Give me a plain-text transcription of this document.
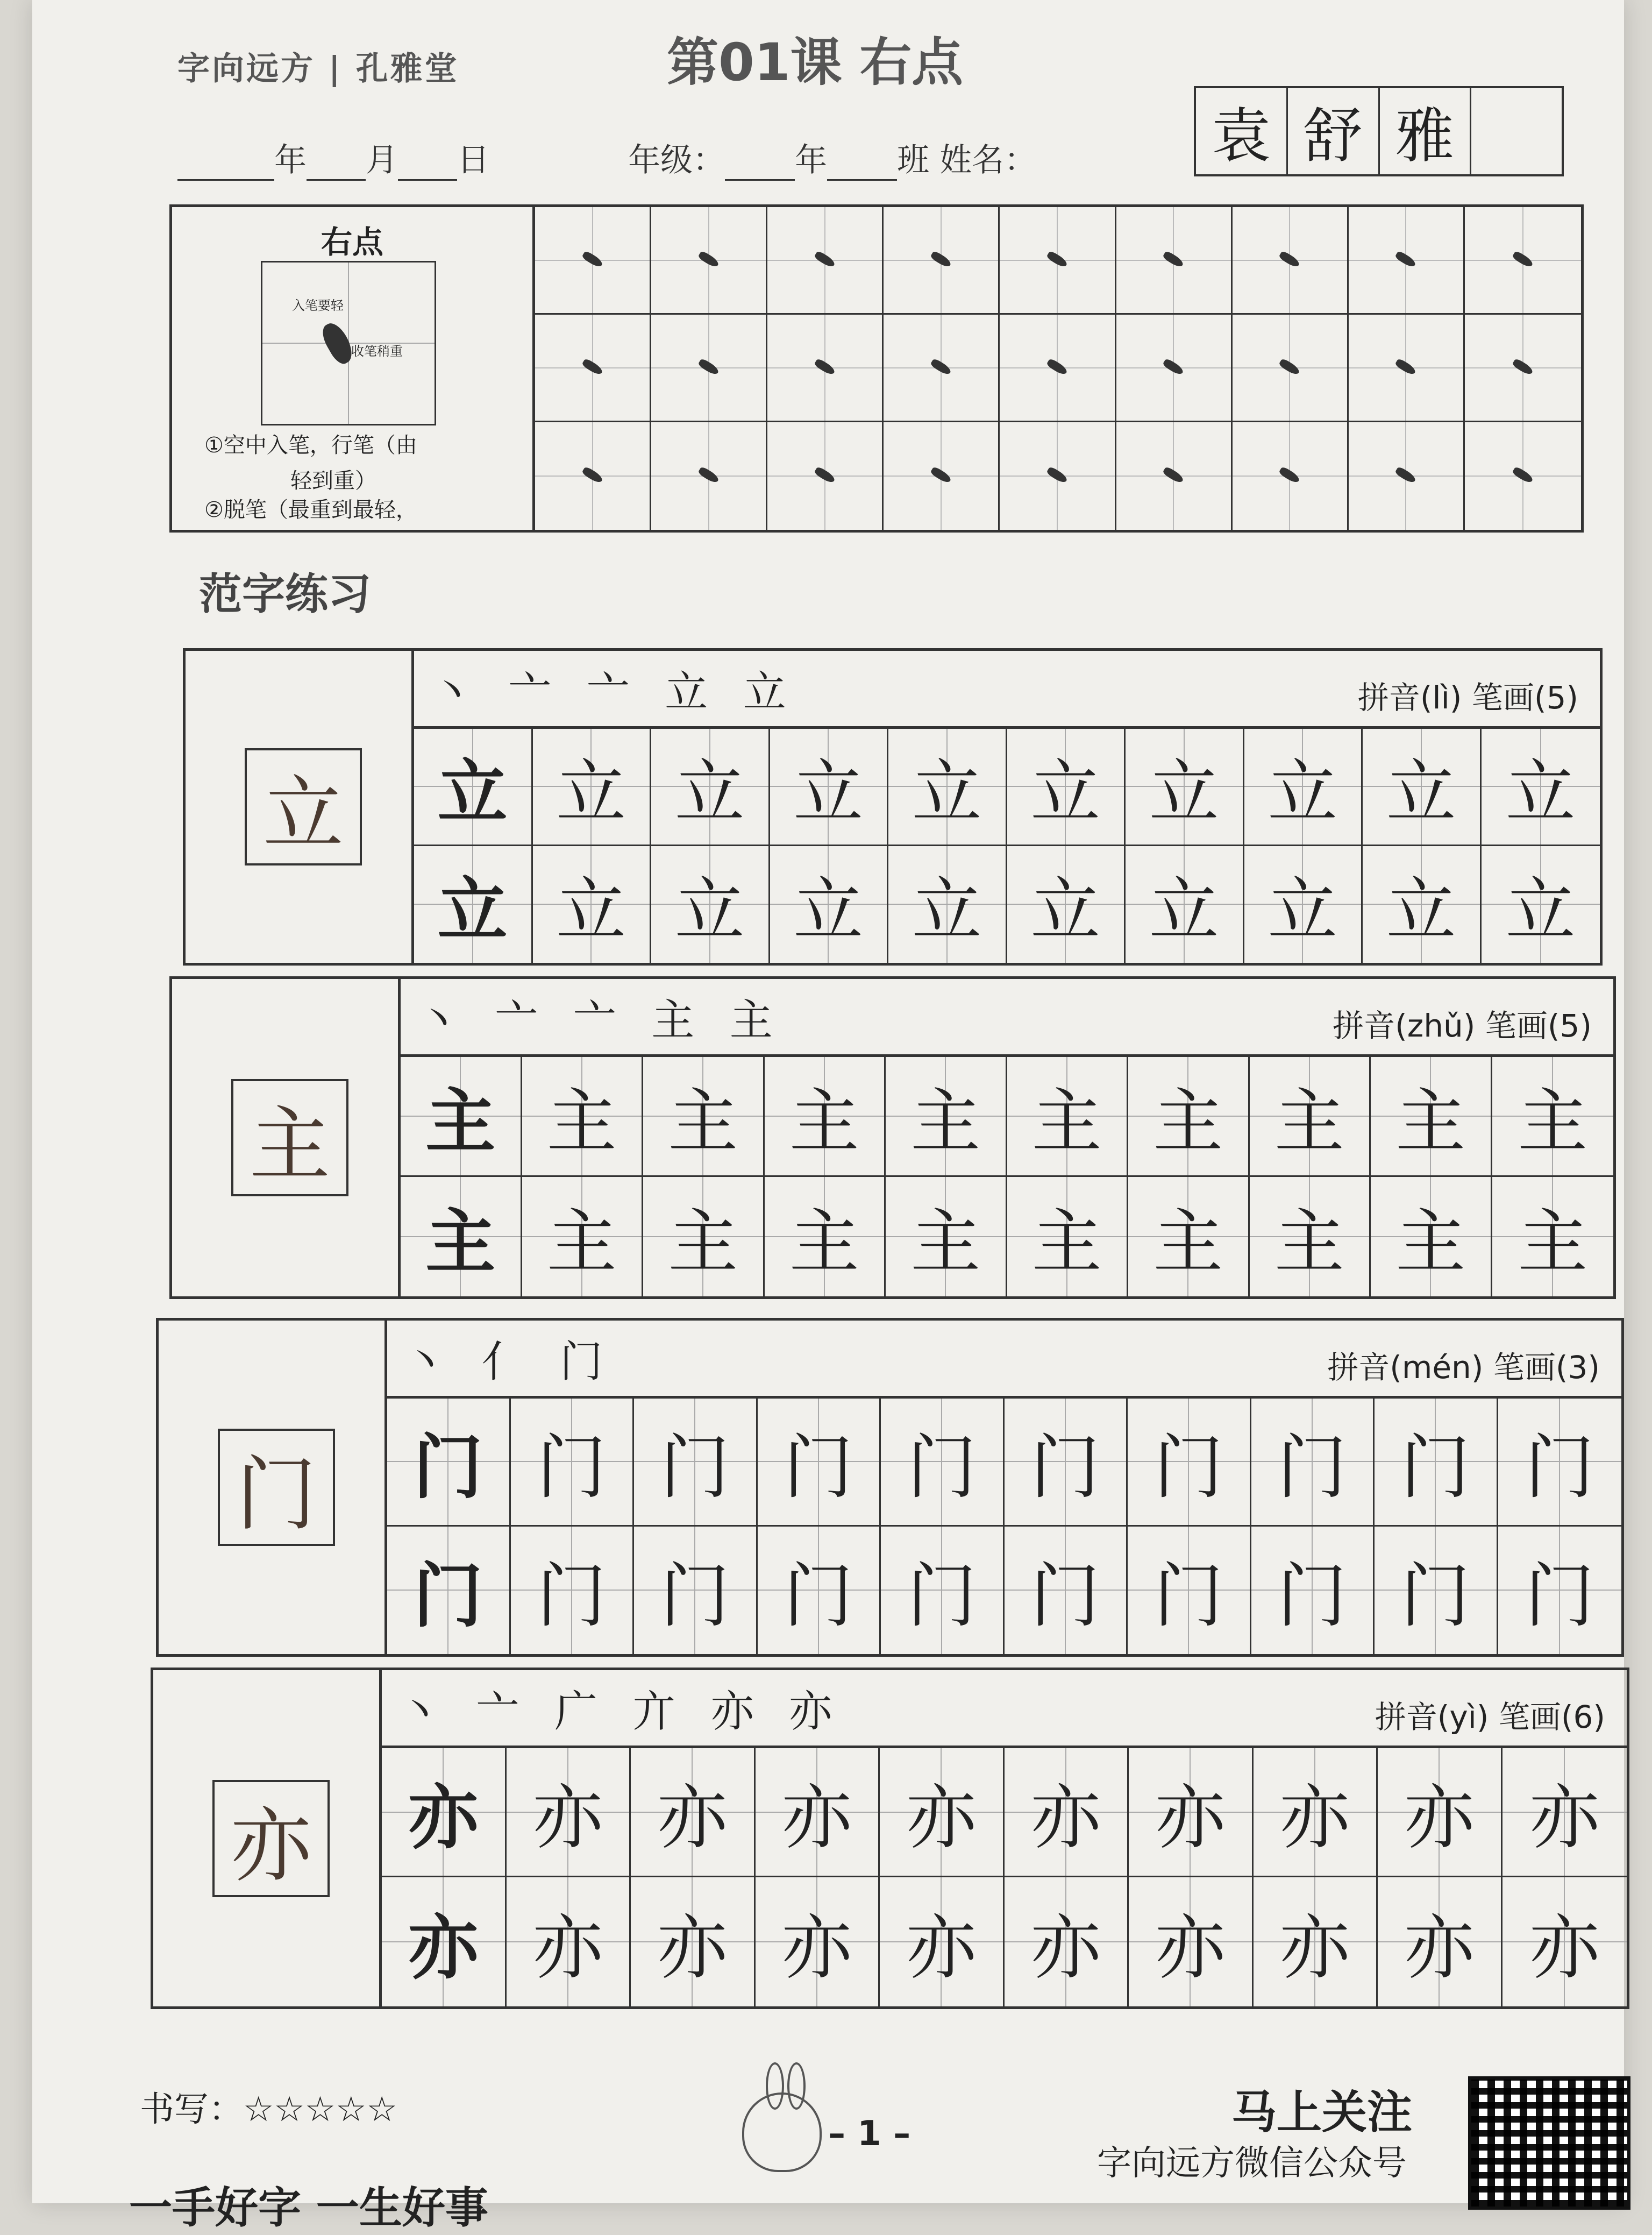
字向远方 | 孔雅堂	第01课 右点
年 月 日	年级： 年 班 姓名：	袁 舒 雅
右点
入笔要轻
收笔稍重
①空中入笔，行笔（由
轻到重）
②脱笔（最重到最轻，
范字练习
立
丶 亠 亠 立 立	拼音(lì) 笔画(5)
立 立 立 立 立 立 立 立 立 立
立 立 立 立 立 立 立 立 立 立
主
丶 亠 亠 主 主	拼音(zhǔ) 笔画(5)
主 主 主 主 主 主 主 主 主 主
主 主 主 主 主 主 主 主 主 主
门
丶 亻 门	拼音(mén) 笔画(3)
门 门 门 门 门 门 门 门 门 门
门 门 门 门 门 门 门 门 门 门
亦
丶 亠 广 亣 亦 亦	拼音(yì) 笔画(6)
亦 亦 亦 亦 亦 亦 亦 亦 亦 亦
亦 亦 亦 亦 亦 亦 亦 亦 亦 亦
书写：☆☆☆☆☆
– 1 –	马上关注
字向远方微信公众号
一手好字 一生好事
